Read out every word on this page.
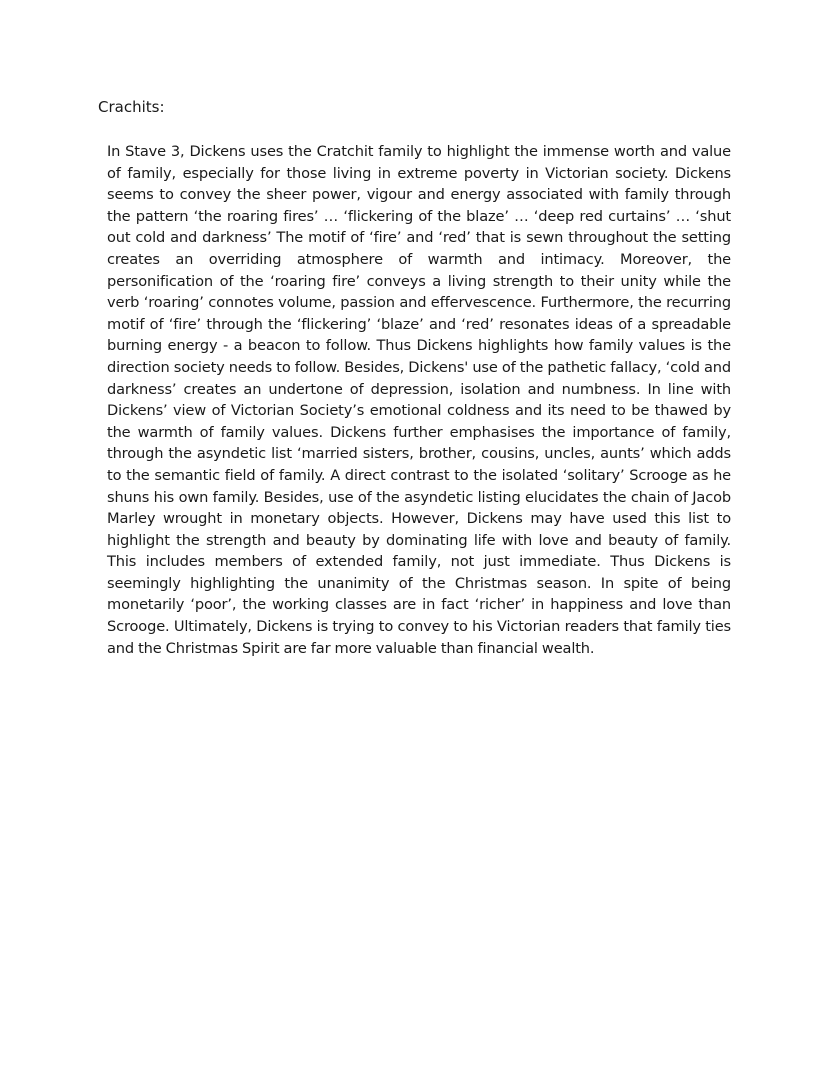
Crachits:

In Stave 3, Dickens uses the Cratchit family to highlight the immense worth and value of family, especially for those living in extreme poverty in Victorian society. Dickens seems to convey the sheer power, vigour and energy associated with family through the pattern ‘the roaring fires’ … ‘flickering of the blaze’ … ‘deep red curtains’ … ‘shut out cold and darkness’ The motif of ‘fire’ and ‘red’ that is sewn throughout the setting creates an overriding atmosphere of warmth and intimacy. Moreover, the personification of the ‘roaring fire’ conveys a living strength to their unity while the verb ‘roaring’ connotes volume, passion and effervescence. Furthermore, the recurring motif of ‘fire’ through the ‘flickering’ ‘blaze’ and ‘red’ resonates ideas of a spreadable burning energy - a beacon to follow. Thus Dickens highlights how family values is the direction society needs to follow. Besides, Dickens' use of the pathetic fallacy, ‘cold and darkness’ creates an undertone of depression, isolation and numbness. In line with Dickens’ view of Victorian Society’s emotional coldness and its need to be thawed by the warmth of family values. Dickens further emphasises the importance of family, through the asyndetic list ‘married sisters, brother, cousins, uncles, aunts’ which adds to the semantic field of family. A direct contrast to the isolated ‘solitary’ Scrooge as he shuns his own family. Besides, use of the asyndetic listing elucidates the chain of Jacob Marley wrought in monetary objects. However, Dickens may have used this list to highlight the strength and beauty by dominating life with love and beauty of family. This includes members of extended family, not just immediate. Thus Dickens is seemingly highlighting the unanimity of the Christmas season. In spite of being monetarily ‘poor’, the working classes are in fact ‘richer’ in happiness and love than Scrooge. Ultimately, Dickens is trying to convey to his Victorian readers that family ties and the Christmas Spirit are far more valuable than financial wealth.
